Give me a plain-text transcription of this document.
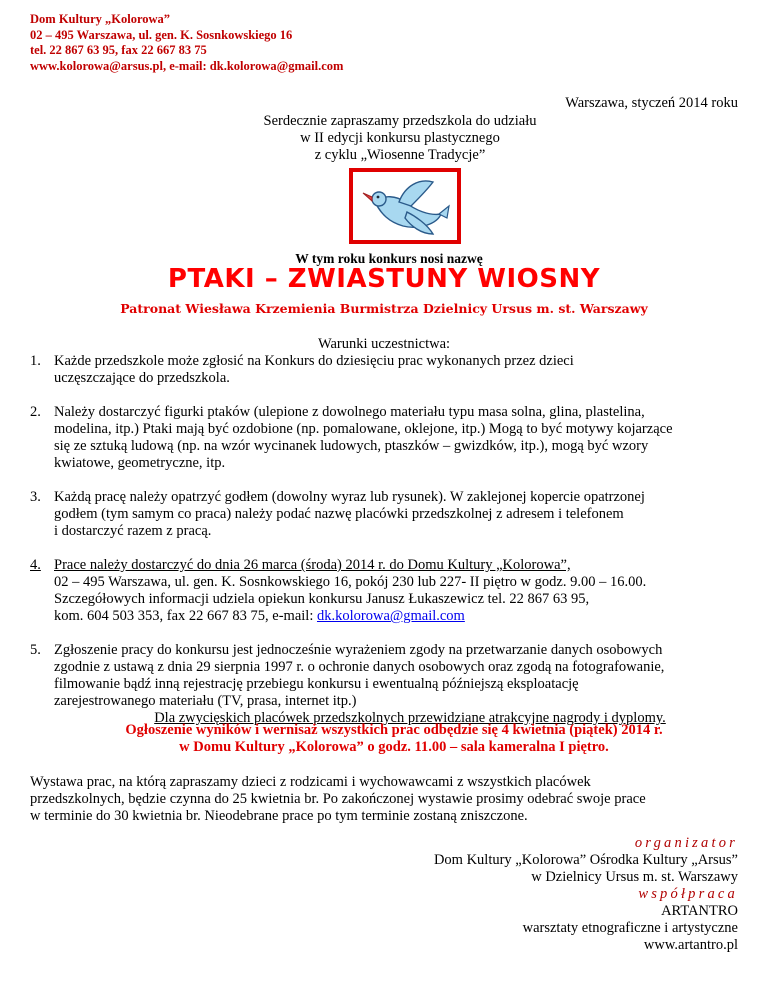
Dom Kultury „Kolorowa”
02 – 495 Warszawa, ul. gen. K. Sosnkowskiego 16
tel. 22 867 63 95, fax 22 667 83 75
www.kolorowa@arsus.pl, e-mail: dk.kolorowa@gmail.com
Warszawa, styczeń 2014 roku
Serdecznie zapraszamy przedszkola do udziału
w II edycji konkursu plastycznego
z cyklu „Wiosenne Tradycje”
W tym roku konkurs nosi nazwę
PTAKI – ZWIASTUNY WIOSNY
Patronat Wiesława Krzemienia Burmistrza Dzielnicy Ursus m. st. Warszawy
Warunki uczestnictwa:
1. Każde przedszkole może zgłosić na Konkurs do dziesięciu prac wykonanych przez dzieci
uczęszczające do przedszkola.
2. Należy dostarczyć figurki ptaków (ulepione z dowolnego materiału typu masa solna, glina, plastelina,
modelina, itp.) Ptaki mają być ozdobione (np. pomalowane, oklejone, itp.) Mogą to być motywy kojarzące
się ze sztuką ludową (np. na wzór wycinanek ludowych, ptaszków – gwizdków, itp.), mogą być wzory
kwiatowe, geometryczne, itp.
3. Każdą pracę należy opatrzyć godłem (dowolny wyraz lub rysunek). W zaklejonej kopercie opatrzonej
godłem (tym samym co praca) należy podać nazwę placówki przedszkolnej z adresem i telefonem
i dostarczyć razem z pracą.
4. Prace należy dostarczyć do dnia 26 marca (środa) 2014 r. do Domu Kultury „Kolorowa”,
02 – 495 Warszawa, ul. gen. K. Sosnkowskiego 16, pokój 230 lub 227- II piętro w godz. 9.00 – 16.00.
Szczegółowych informacji udziela opiekun konkursu Janusz Łukaszewicz tel. 22 867 63 95,
kom. 604 503 353, fax 22 667 83 75, e-mail: dk.kolorowa@gmail.com
5. Zgłoszenie pracy do konkursu jest jednocześnie wyrażeniem zgody na przetwarzanie danych osobowych
zgodnie z ustawą z dnia 29 sierpnia 1997 r. o ochronie danych osobowych oraz zgodą na fotografowanie,
filmowanie bądź inną rejestrację przebiegu konkursu i ewentualną późniejszą eksploatację
zarejestrowanego materiału (TV, prasa, internet itp.)
Dla zwycięskich placówek przedszkolnych przewidziane atrakcyjne nagrody i dyplomy.
Ogłoszenie wyników i wernisaż wszystkich prac odbędzie się 4 kwietnia (piątek) 2014 r.
w Domu Kultury „Kolorowa” o godz. 11.00 – sala kameralna I piętro.
Wystawa prac, na którą zapraszamy dzieci z rodzicami i wychowawcami z wszystkich placówek
przedszkolnych, będzie czynna do 25 kwietnia br. Po zakończonej wystawie prosimy odebrać swoje prace
w terminie do 30 kwietnia br. Nieodebrane prace po tym terminie zostaną zniszczone.
organizator
Dom Kultury „Kolorowa” Ośrodka Kultury „Arsus”
w Dzielnicy Ursus m. st. Warszawy
współpraca
ARTANTRO
warsztaty etnograficzne i artystyczne
www.artantro.pl
